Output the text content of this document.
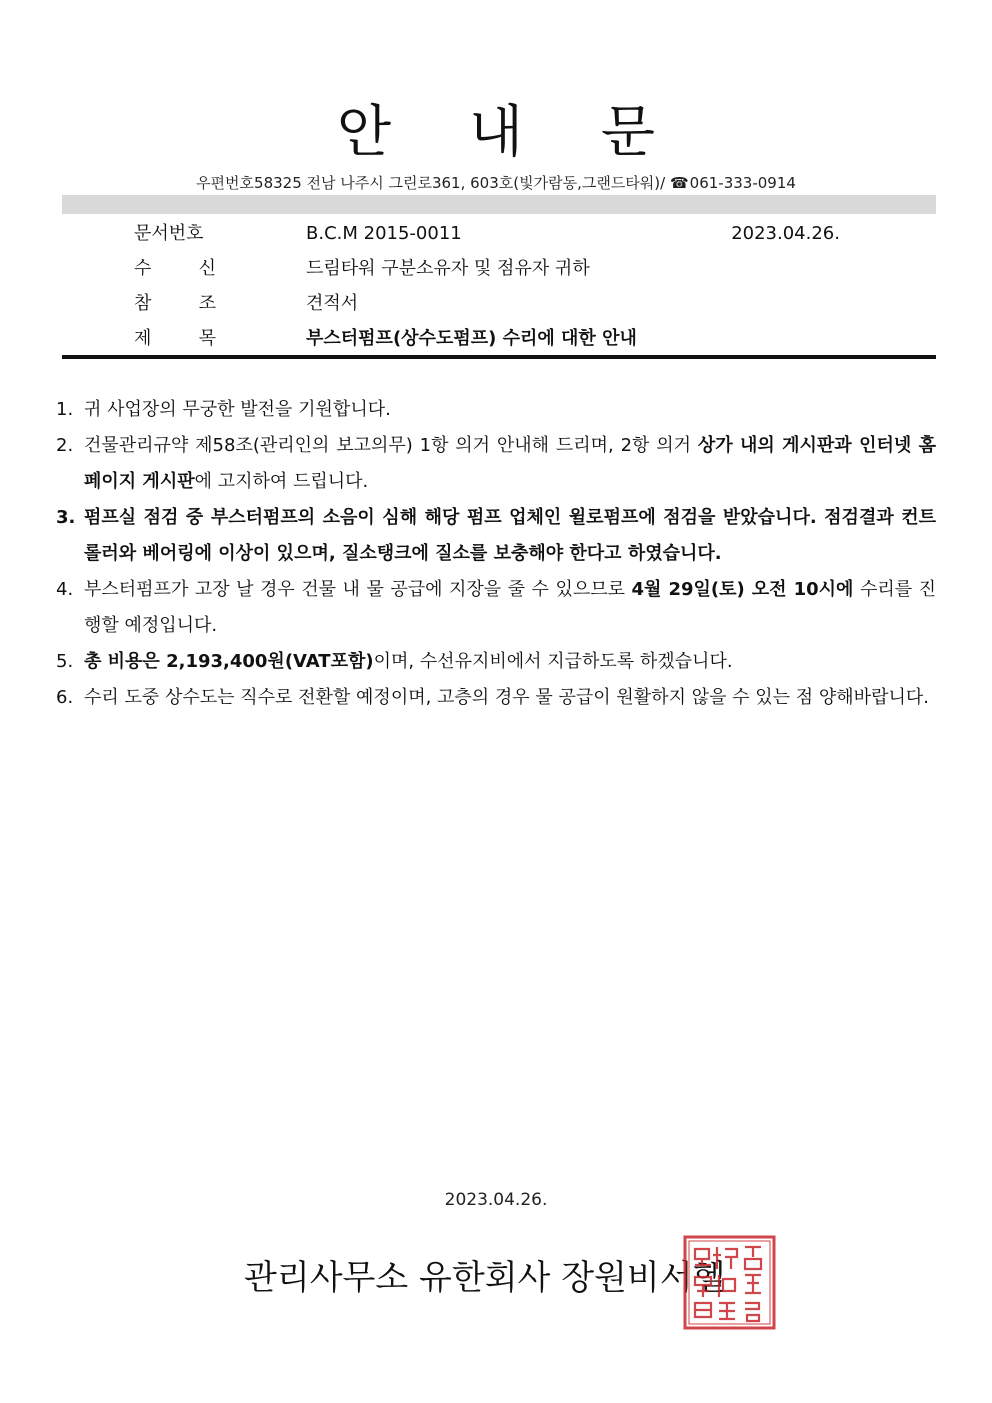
안 내 문
우편번호58325 전남 나주시 그린로361, 603호(빛가람동,그랜드타워)/ ☎061-333-0914
문서번호	B.C.M 2015-0011	2023.04.26.
수	신	드림타워 구분소유자 및 점유자 귀하
참	조	견적서
제	목	부스터펌프(상수도펌프) 수리에 대한 안내
1. 귀 사업장의 무궁한 발전을 기원합니다.
2. 건물관리규약 제58조(관리인의 보고의무) 1항 의거 안내해 드리며, 2항 의거 상가 내의 게시판과 인터넷 홈페이지 게시판에 고지하여 드립니다.
3. 펌프실 점검 중 부스터펌프의 소음이 심해 해당 펌프 업체인 윌로펌프에 점검을 받았습니다. 점검결과 컨트롤러와 베어링에 이상이 있으며, 질소탱크에 질소를 보충해야 한다고 하였습니다.
4. 부스터펌프가 고장 날 경우 건물 내 물 공급에 지장을 줄 수 있으므로 4월 29일(토) 오전 10시에 수리를 진행할 예정입니다.
5. 총 비용은 2,193,400원(VAT포함)이며, 수선유지비에서 지급하도록 하겠습니다.
6. 수리 도중 상수도는 직수로 전환할 예정이며, 고층의 경우 물 공급이 원활하지 않을 수 있는 점 양해바랍니다.
2023.04.26.
관리사무소 유한회사 장원비서헬
